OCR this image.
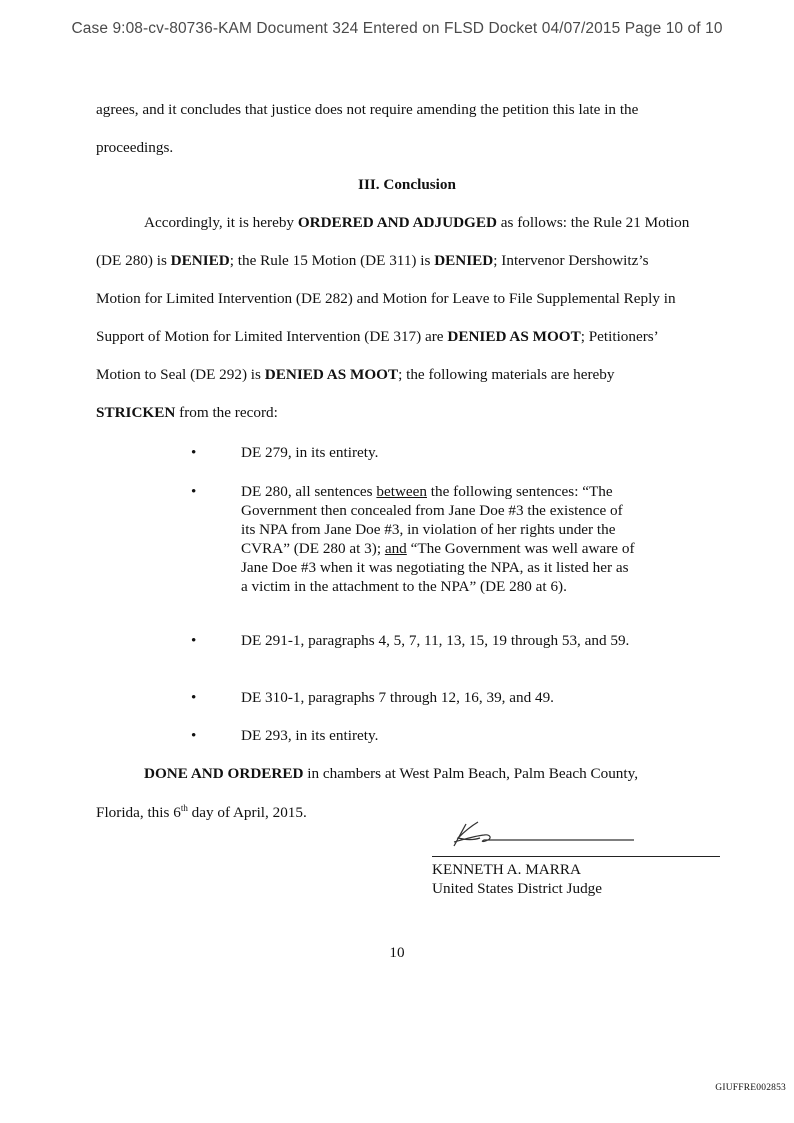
Case 9:08-cv-80736-KAM Document 324 Entered on FLSD Docket 04/07/2015 Page 10 of 10
agrees, and it concludes that justice does not require amending the petition this late in the
proceedings.
III. Conclusion
Accordingly, it is hereby ORDERED AND ADJUDGED as follows: the Rule 21 Motion
(DE 280) is DENIED; the Rule 15 Motion (DE 311) is DENIED; Intervenor Dershowitz’s
Motion for Limited Intervention (DE 282) and Motion for Leave to File Supplemental Reply in
Support of Motion for Limited Intervention (DE 317) are DENIED AS MOOT; Petitioners’
Motion to Seal (DE 292) is DENIED AS MOOT; the following materials are hereby
STRICKEN from the record:
•	DE 279, in its entirety.
•	DE 280, all sentences between the following sentences: “The Government then concealed from Jane Doe #3 the existence of its NPA from Jane Doe #3, in violation of her rights under the CVRA” (DE 280 at 3); and “The Government was well aware of Jane Doe #3 when it was negotiating the NPA, as it listed her as a victim in the attachment to the NPA” (DE 280 at 6).
•	DE 291-1, paragraphs 4, 5, 7, 11, 13, 15, 19 through 53, and 59.
•	DE 310-1, paragraphs 7 through 12, 16, 39, and 49.
•	DE 293, in its entirety.
DONE AND ORDERED in chambers at West Palm Beach, Palm Beach County,
Florida, this 6th day of April, 2015.
KENNETH A. MARRA
United States District Judge
10
GIUFFRE002853
